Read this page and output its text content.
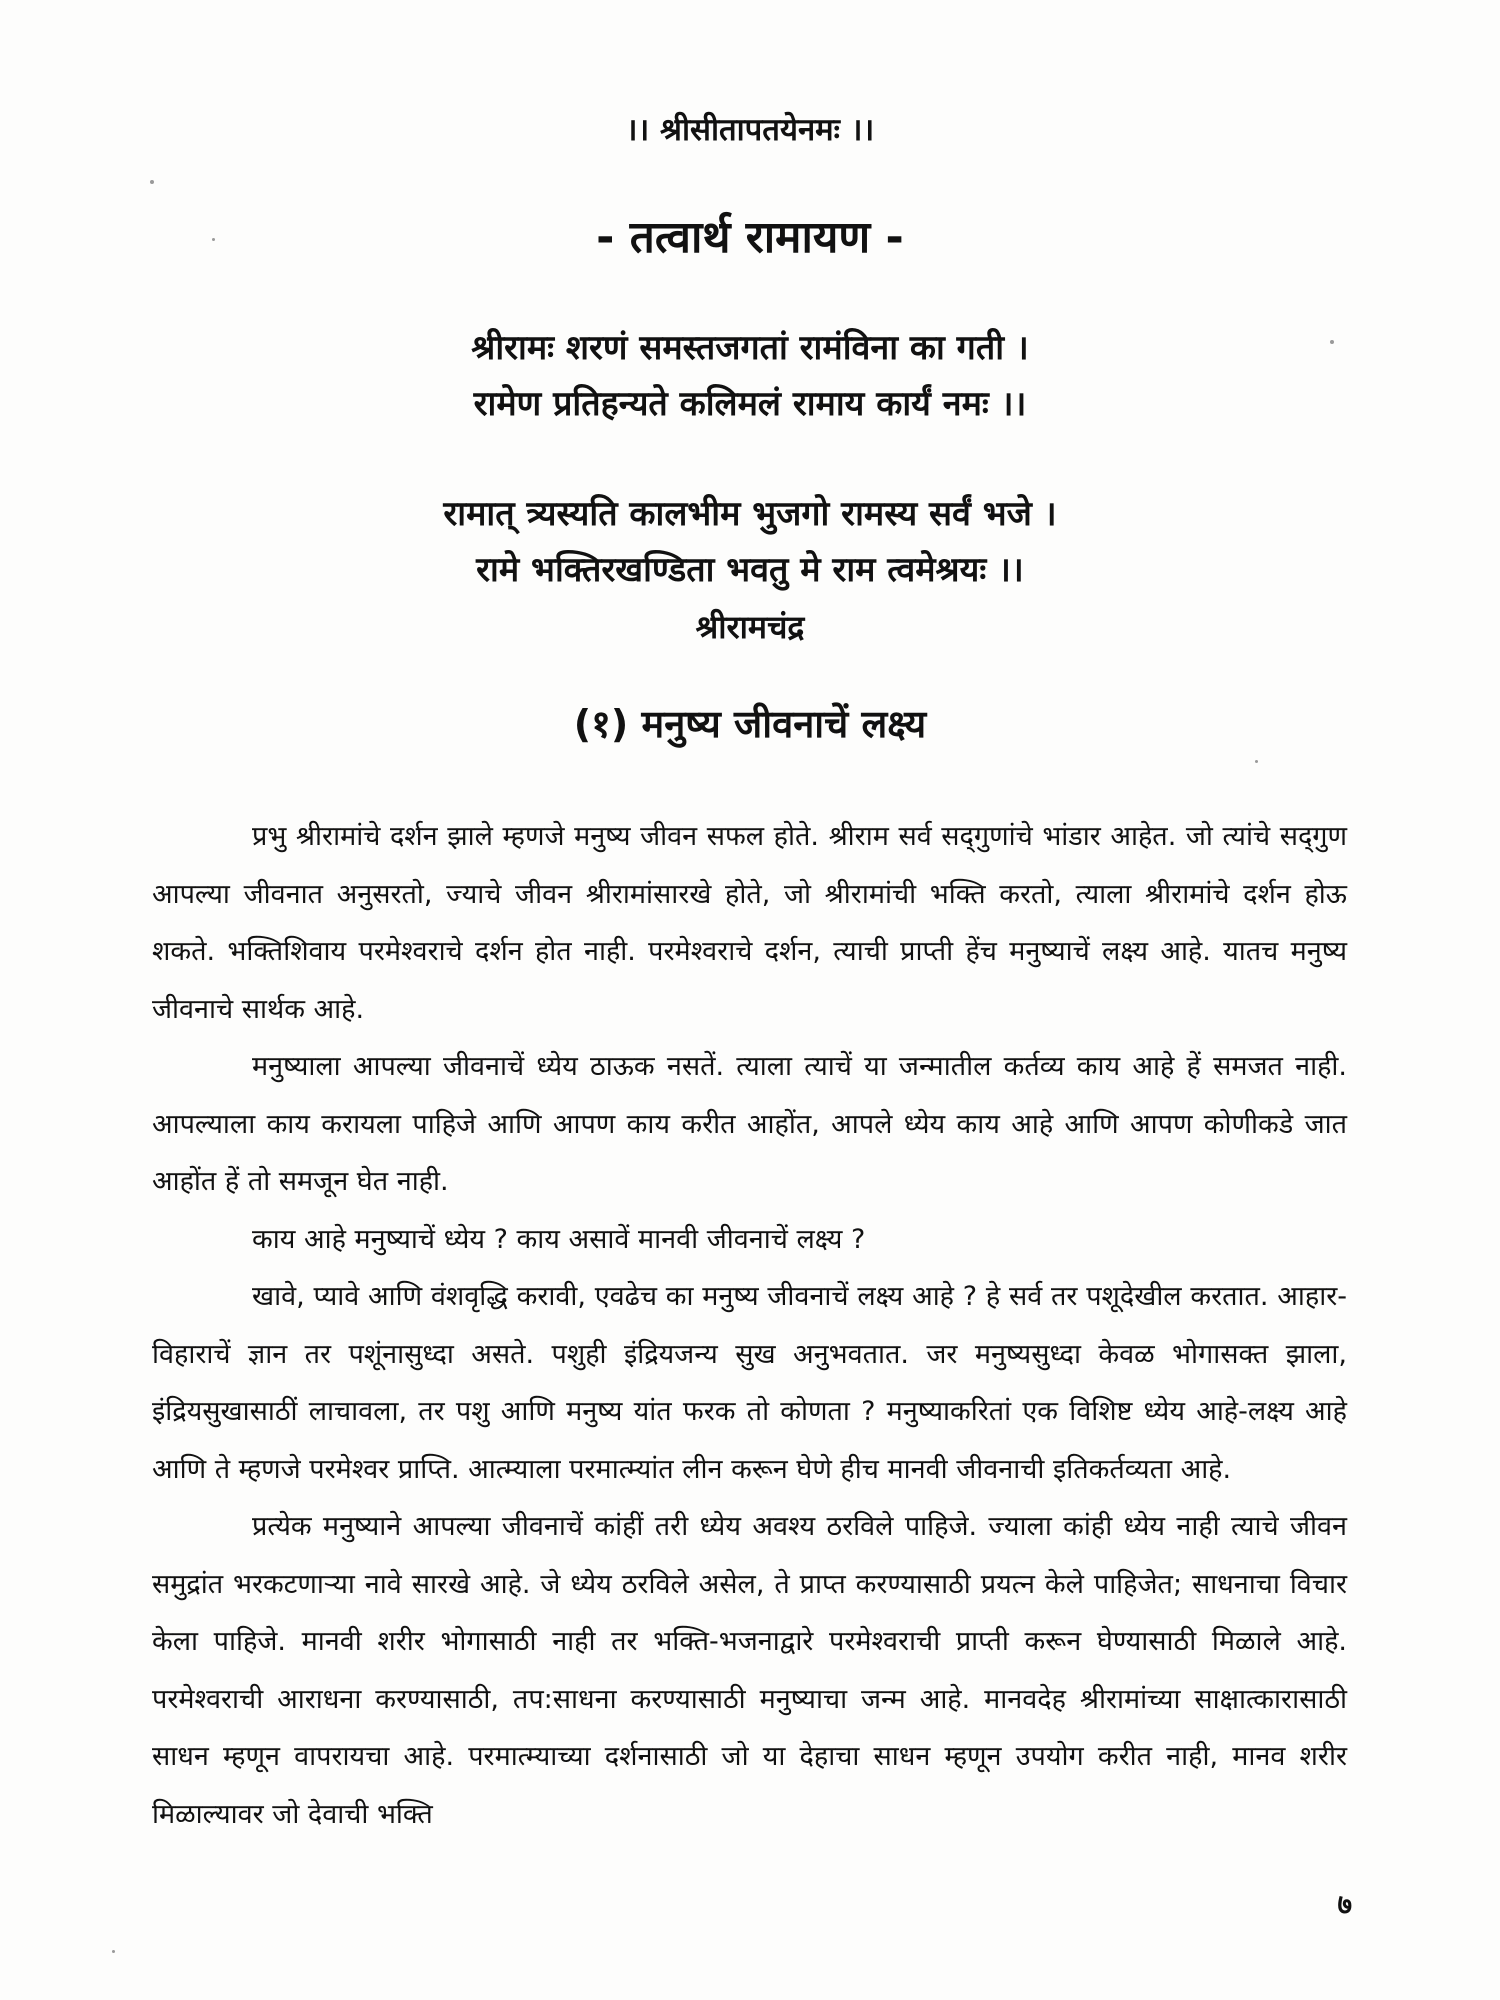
।। श्रीसीतापतयेनमः ।।
- तत्वार्थ रामायण -
श्रीरामः शरणं समस्तजगतां रामंविना का गती ।
रामेण प्रतिहन्यते कलिमलं रामाय कार्यं नमः ।।
रामात् त्र्यस्यति कालभीम भुजगो रामस्य सर्वं भजे ।
रामे भक्तिरखण्डिता भवतु मे राम त्वमेश्रयः ।।
श्रीरामचंद्र
(१) मनुष्य जीवनाचें लक्ष्य

प्रभु श्रीरामांचे दर्शन झाले म्हणजे मनुष्य जीवन सफल होते. श्रीराम सर्व सद्‌गुणांचे भांडार आहेत. जो त्यांचे सद्‌गुण आपल्या जीवनात अनुसरतो, ज्याचे जीवन श्रीरामांसारखे होते, जो श्रीरामांची भक्ति करतो, त्याला श्रीरामांचे दर्शन होऊ शकते. भक्तिशिवाय परमेश्वराचे दर्शन होत नाही. परमेश्वराचे दर्शन, त्याची प्राप्ती हेंच मनुष्याचें लक्ष्य आहे. यातच मनुष्य जीवनाचे सार्थक आहे.

मनुष्याला आपल्या जीवनाचें ध्येय ठाऊक नसतें. त्याला त्याचें या जन्मातील कर्तव्य काय आहे हें समजत नाही. आपल्याला काय करायला पाहिजे आणि आपण काय करीत आहोंत, आपले ध्येय काय आहे आणि आपण कोणीकडे जात आहोंत हें तो समजून घेत नाही.

काय आहे मनुष्याचें ध्येय ? काय असावें मानवी जीवनाचें लक्ष्य ?

खावे, प्यावे आणि वंशवृद्धि करावी, एवढेच का मनुष्य जीवनाचें लक्ष्य आहे ? हे सर्व तर पशूदेखील करतात. आहार-विहाराचें ज्ञान तर पशूंनासुध्दा असते. पशुही इंद्रियजन्य सुख अनुभवतात. जर मनुष्यसुध्दा केवळ भोगासक्त झाला, इंद्रियसुखासाठीं लाचावला, तर पशु आणि मनुष्य यांत फरक तो कोणता ? मनुष्याकरितां एक विशिष्ट ध्येय आहे-लक्ष्य आहे आणि ते म्हणजे परमेश्वर प्राप्ति. आत्म्याला परमात्म्यांत लीन करून घेणे हीच मानवी जीवनाची इतिकर्तव्यता आहे.

प्रत्येक मनुष्याने आपल्या जीवनाचें कांहीं तरी ध्येय अवश्य ठरविले पाहिजे. ज्याला कांही ध्येय नाही त्याचे जीवन समुद्रांत भरकटणाऱ्या नावे सारखे आहे. जे ध्येय ठरविले असेल, ते प्राप्त करण्यासाठी प्रयत्न केले पाहिजेत; साधनाचा विचार केला पाहिजे. मानवी शरीर भोगासाठी नाही तर भक्ति-भजनाद्वारे परमेश्वराची प्राप्ती करून घेण्यासाठी मिळाले आहे. परमेश्वराची आराधना करण्यासाठी, तप:साधना करण्यासाठी मनुष्याचा जन्म आहे. मानवदेह श्रीरामांच्या साक्षात्कारासाठी साधन म्हणून वापरायचा आहे. परमात्म्याच्या दर्शनासाठी जो या देहाचा साधन म्हणून उपयोग करीत नाही, मानव शरीर मिळाल्यावर जो देवाची भक्ति

७
